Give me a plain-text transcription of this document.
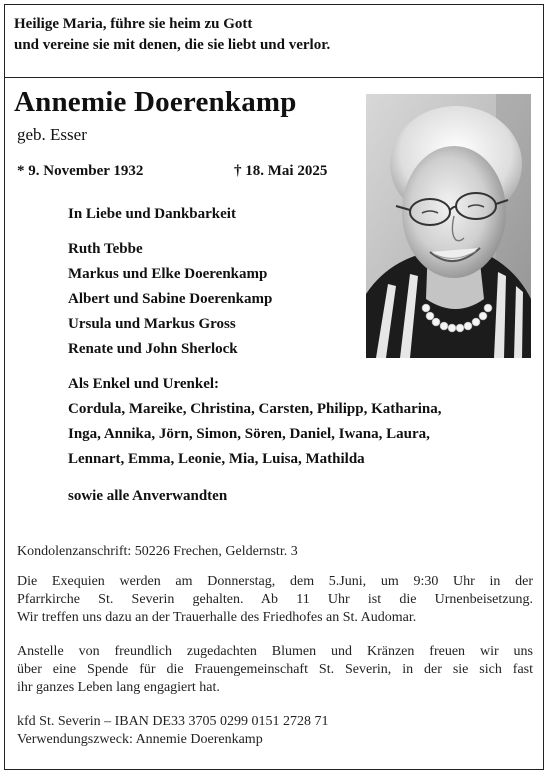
Heilige Maria, führe sie heim zu Gott
und vereine sie mit denen, die sie liebt und verlor.
Annemie Doerenkamp
geb. Esser
* 9. November 1932	† 18. Mai 2025
In Liebe und Dankbarkeit
Ruth Tebbe
Markus und Elke Doerenkamp
Albert und Sabine Doerenkamp
Ursula und Markus Gross
Renate und John Sherlock
Als Enkel und Urenkel:
Cordula, Mareike, Christina, Carsten, Philipp, Katharina,
Inga, Annika, Jörn, Simon, Sören, Daniel, Iwana, Laura,
Lennart, Emma, Leonie, Mia, Luisa, Mathilda
sowie alle Anverwandten
Kondolenzanschrift: 50226 Frechen, Geldernstr. 3
Die Exequien werden am Donnerstag, dem 5.Juni, um 9:30 Uhr in der
Pfarrkirche St. Severin gehalten. Ab 11 Uhr ist die Urnenbeisetzung.
Wir treffen uns dazu an der Trauerhalle des Friedhofes an St. Audomar.
Anstelle von freundlich zugedachten Blumen und Kränzen freuen wir uns
über eine Spende für die Frauengemeinschaft St. Severin, in der sie sich fast
ihr ganzes Leben lang engagiert hat.
kfd St. Severin – IBAN DE33 3705 0299 0151 2728 71
Verwendungszweck: Annemie Doerenkamp
